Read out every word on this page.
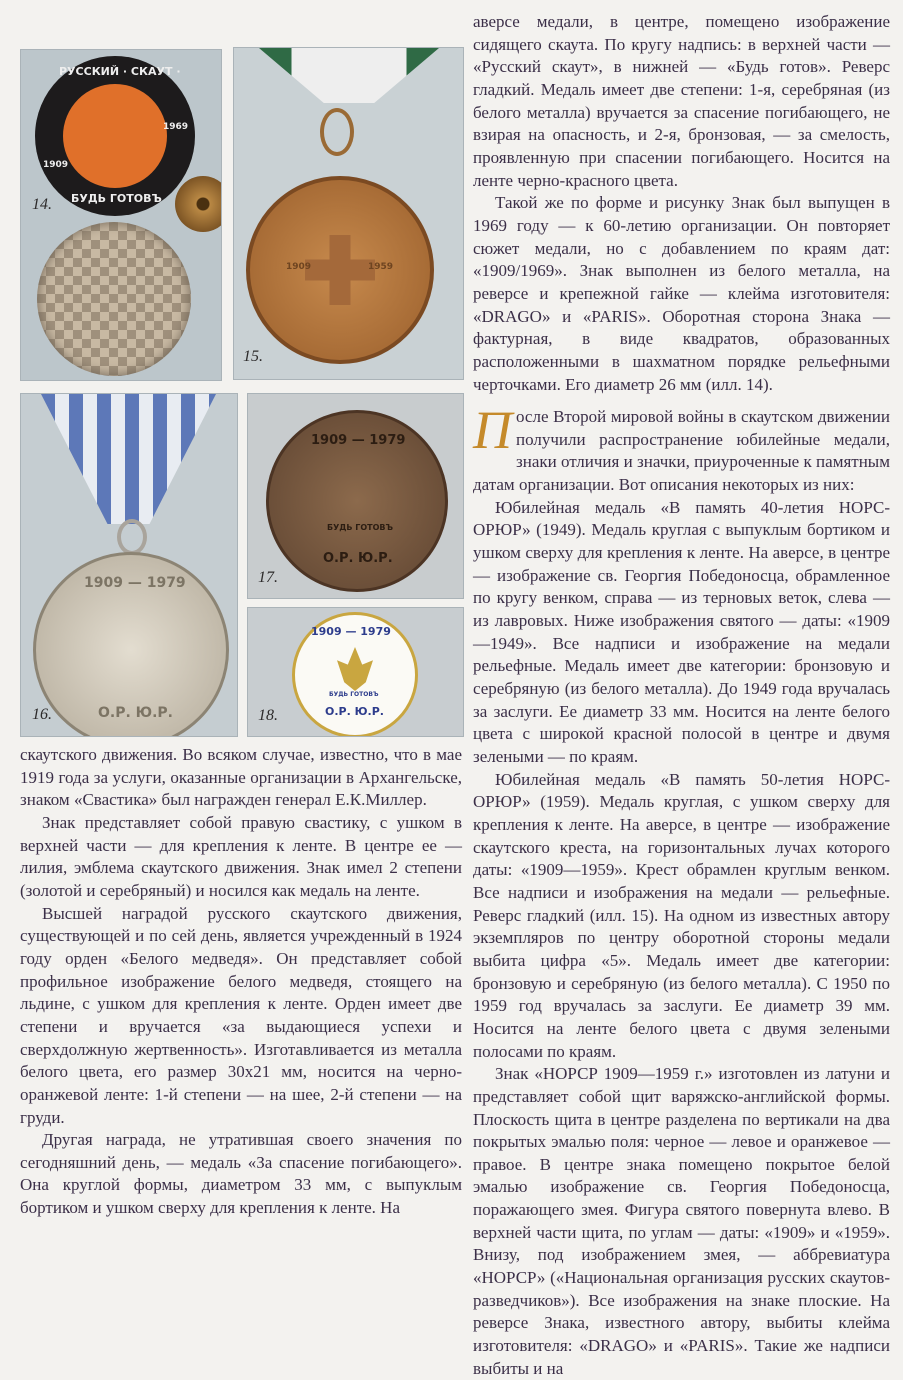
РУССКИЙ · СКАУТ ·
БУДЬ ГОТОВЪ
1909
1969
14.
1909	1959
15.
1909 — 1979
О.Р. Ю.Р.
16.
1909 — 1979
БУДЬ ГОТОВЪ
О.Р. Ю.Р.
17.
1909 — 1979
БУДЬ ГОТОВЪ
О.Р. Ю.Р.
18.

скаутского движения. Во всяком случае, известно, что в мае 1919 года за услуги, оказанные организации в Архангельске, знаком «Свастика» был награжден генерал Е.К.Миллер.

Знак представляет собой правую свастику, с ушком в верхней части — для крепления к ленте. В центре ее — лилия, эмблема скаутского движения. Знак имел 2 степени (золотой и серебряный) и носился как медаль на ленте.

Высшей наградой русского скаутского движения, существующей и по сей день, является учрежденный в 1924 году орден «Белого медведя». Он представляет собой профильное изображение белого медведя, стоящего на льдине, с ушком для крепления к ленте. Орден имеет две степени и вручается «за выдающиеся успехи и сверхдолжную жертвенность». Изготавливается из металла белого цвета, его размер 30х21 мм, носится на черно-оранжевой ленте: 1-й степени — на шее, 2-й степени — на груди.

Другая награда, не утратившая своего значения по сегодняшний день, — медаль «За спасение погибающего». Она круглой формы, диаметром 33 мм, с выпуклым бортиком и ушком сверху для крепления к ленте. На

аверсе медали, в центре, помещено изображение сидящего скаута. По кругу надпись: в верхней части — «Русский скаут», в нижней — «Будь готов». Реверс гладкий. Медаль имеет две степени: 1-я, серебряная (из белого металла) вручается за спасение погибающего, не взирая на опасность, и 2-я, бронзовая, — за смелость, проявленную при спасении погибающего. Носится на ленте черно-красного цвета.

Такой же по форме и рисунку Знак был выпущен в 1969 году — к 60-летию организации. Он повторяет сюжет медали, но с добавлением по краям дат: «1909/1969». Знак выполнен из белого металла, на реверсе и крепежной гайке — клейма изготовителя: «DRAGO» и «PARIS». Оборотная сторона Знака — фактурная, в виде квадратов, образованных расположенными в шахматном порядке рельефными черточками. Его диаметр 26 мм (илл. 14).

После Второй мировой войны в скаутском движении получили распространение юбилейные медали, знаки отличия и значки, приуроченные к памятным датам организации. Вот описания некоторых из них:

Юбилейная медаль «В память 40-летия НОРС-ОРЮР» (1949). Медаль круглая с выпуклым бортиком и ушком сверху для крепления к ленте. На аверсе, в центре — изображение св. Георгия Победоносца, обрамленное по кругу венком, справа — из терновых веток, слева — из лавровых. Ниже изображения святого — даты: «1909—1949». Все надписи и изображение на медали рельефные. Медаль имеет две категории: бронзовую и серебряную (из белого металла). До 1949 года вручалась за заслуги. Ее диаметр 33 мм. Носится на ленте белого цвета с широкой красной полосой в центре и двумя зелеными — по краям.

Юбилейная медаль «В память 50-летия НОРС-ОРЮР» (1959). Медаль круглая, с ушком сверху для крепления к ленте. На аверсе, в центре — изображение скаутского креста, на горизонтальных лучах которого даты: «1909—1959». Крест обрамлен круглым венком. Все надписи и изображения на медали — рельефные. Реверс гладкий (илл. 15). На одном из известных автору экземпляров по центру оборотной стороны медали выбита цифра «5». Медаль имеет две категории: бронзовую и серебряную (из белого металла). С 1950 по 1959 год вручалась за заслуги. Ее диаметр 39 мм. Носится на ленте белого цвета с двумя зелеными полосами по краям.

Знак «НОРСР 1909—1959 г.» изготовлен из латуни и представляет собой щит варяжско-английской формы. Плоскость щита в центре разделена по вертикали на два покрытых эмалью поля: черное — левое и оранжевое — правое. В центре знака помещено покрытое белой эмалью изображение св. Георгия Победоносца, поражающего змея. Фигура святого повернута влево. В верхней части щита, по углам — даты: «1909» и «1959». Внизу, под изображением змея, — аббревиатура «НОРСР» («Национальная организация русских скаутов-разведчиков»). Все изображения на знаке плоские. На реверсе Знака, известного автору, выбиты клейма изготовителя: «DRAGO» и «PARIS». Такие же надписи выбиты и на
